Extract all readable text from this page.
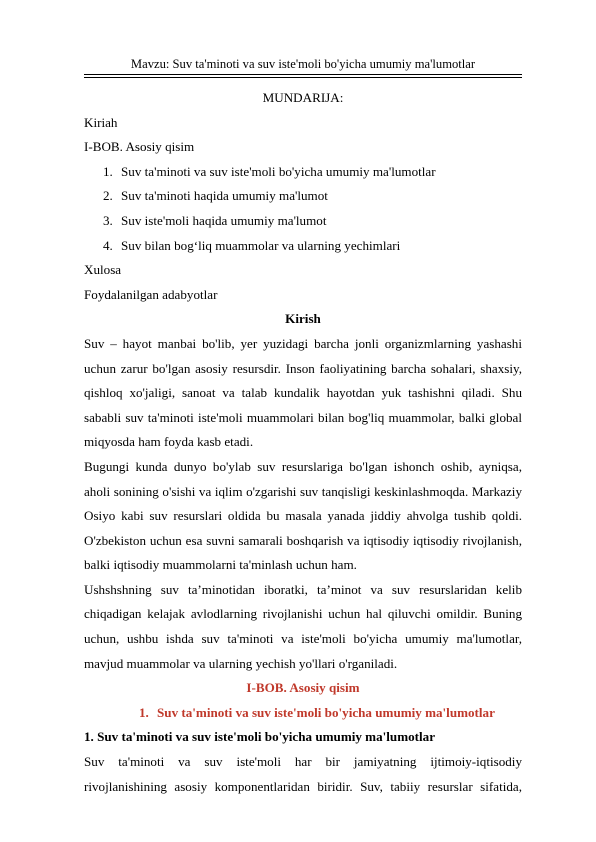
Mavzu: Suv ta'minoti va suv iste'moli bo'yicha umumiy ma'lumotlar

MUNDARIJA:

Kiriah

I-BOB. Asosiy qisim

1. Suv ta'minoti va suv iste'moli bo'yicha umumiy ma'lumotlar
2. Suv ta'minoti haqida umumiy ma'lumot
3. Suv iste'moli haqida umumiy ma'lumot
4. Suv bilan bog‘liq muammolar va ularning yechimlari

Xulosa

Foydalanilgan adabyotlar

Kirish

Suv – hayot manbai bo'lib, yer yuzidagi barcha jonli organizmlarning yashashi uchun zarur bo'lgan asosiy resursdir. Inson faoliyatining barcha sohalari, shaxsiy, qishloq xo'jaligi, sanoat va talab kundalik hayotdan yuk tashishni qiladi. Shu sababli suv ta'minoti iste'moli muammolari bilan bog'liq muammolar, balki global miqyosda ham foyda kasb etadi.

Bugungi kunda dunyo bo'ylab suv resurslariga bo'lgan ishonch oshib, ayniqsa, aholi sonining o'sishi va iqlim o'zgarishi suv tanqisligi keskinlashmoqda. Markaziy Osiyo kabi suv resurslari oldida bu masala yanada jiddiy ahvolga tushib qoldi. O'zbekiston uchun esa suvni samarali boshqarish va iqtisodiy iqtisodiy rivojlanish, balki iqtisodiy muammolarni ta'minlash uchun ham.

Ushshshning suv ta’minotidan iboratki, ta’minot va suv resurslaridan kelib chiqadigan kelajak avlodlarning rivojlanishi uchun hal qiluvchi omildir. Buning uchun, ushbu ishda suv ta'minoti va iste'moli bo'yicha umumiy ma'lumotlar, mavjud muammolar va ularning yechish yo'llari o'rganiladi.

I-BOB. Asosiy qisim

1. Suv ta'minoti va suv iste'moli bo'yicha umumiy ma'lumotlar

1. Suv ta'minoti va suv iste'moli bo'yicha umumiy ma'lumotlar

Suv ta'minoti va suv iste'moli har bir jamiyatning ijtimoiy-iqtisodiy rivojlanishining asosiy komponentlaridan biridir. Suv, tabiiy resurslar sifatida,
